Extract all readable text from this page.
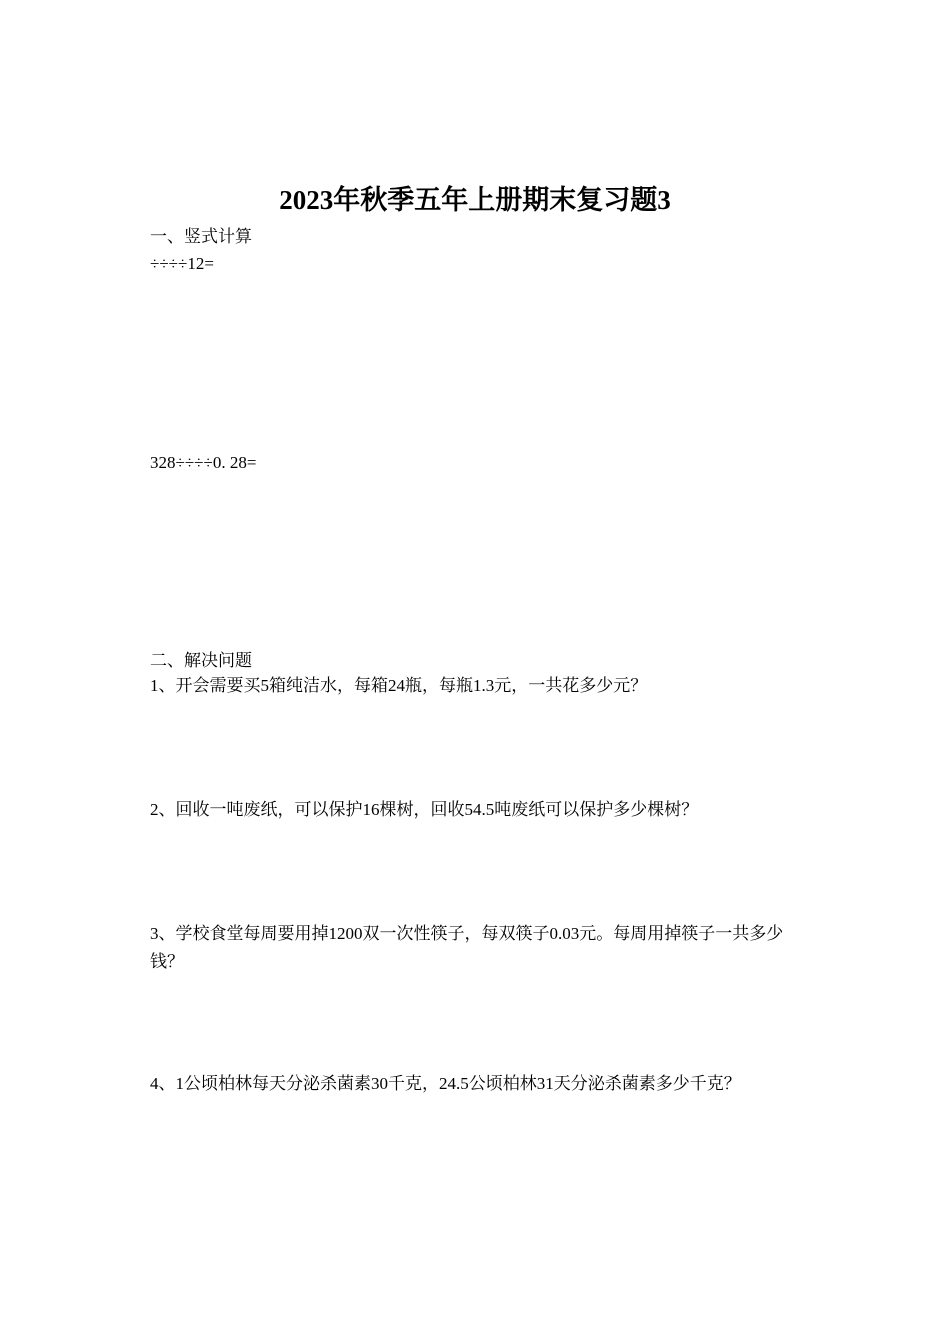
2023年秋季五年上册期末复习题3
一、竖式计算
÷÷÷÷12=
328÷÷÷÷0. 28=
二、解决问题
1、开会需要买5箱纯洁水，每箱24瓶，每瓶1.3元，一共花多少元？
2、回收一吨废纸，可以保护16棵树，回收54.5吨废纸可以保护多少棵树？
3、学校食堂每周要用掉1200双一次性筷子，每双筷子0.03元。每周用掉筷子一共多少钱？
4、1公顷柏林每天分泌杀菌素30千克，24.5公顷柏林31天分泌杀菌素多少千克？
